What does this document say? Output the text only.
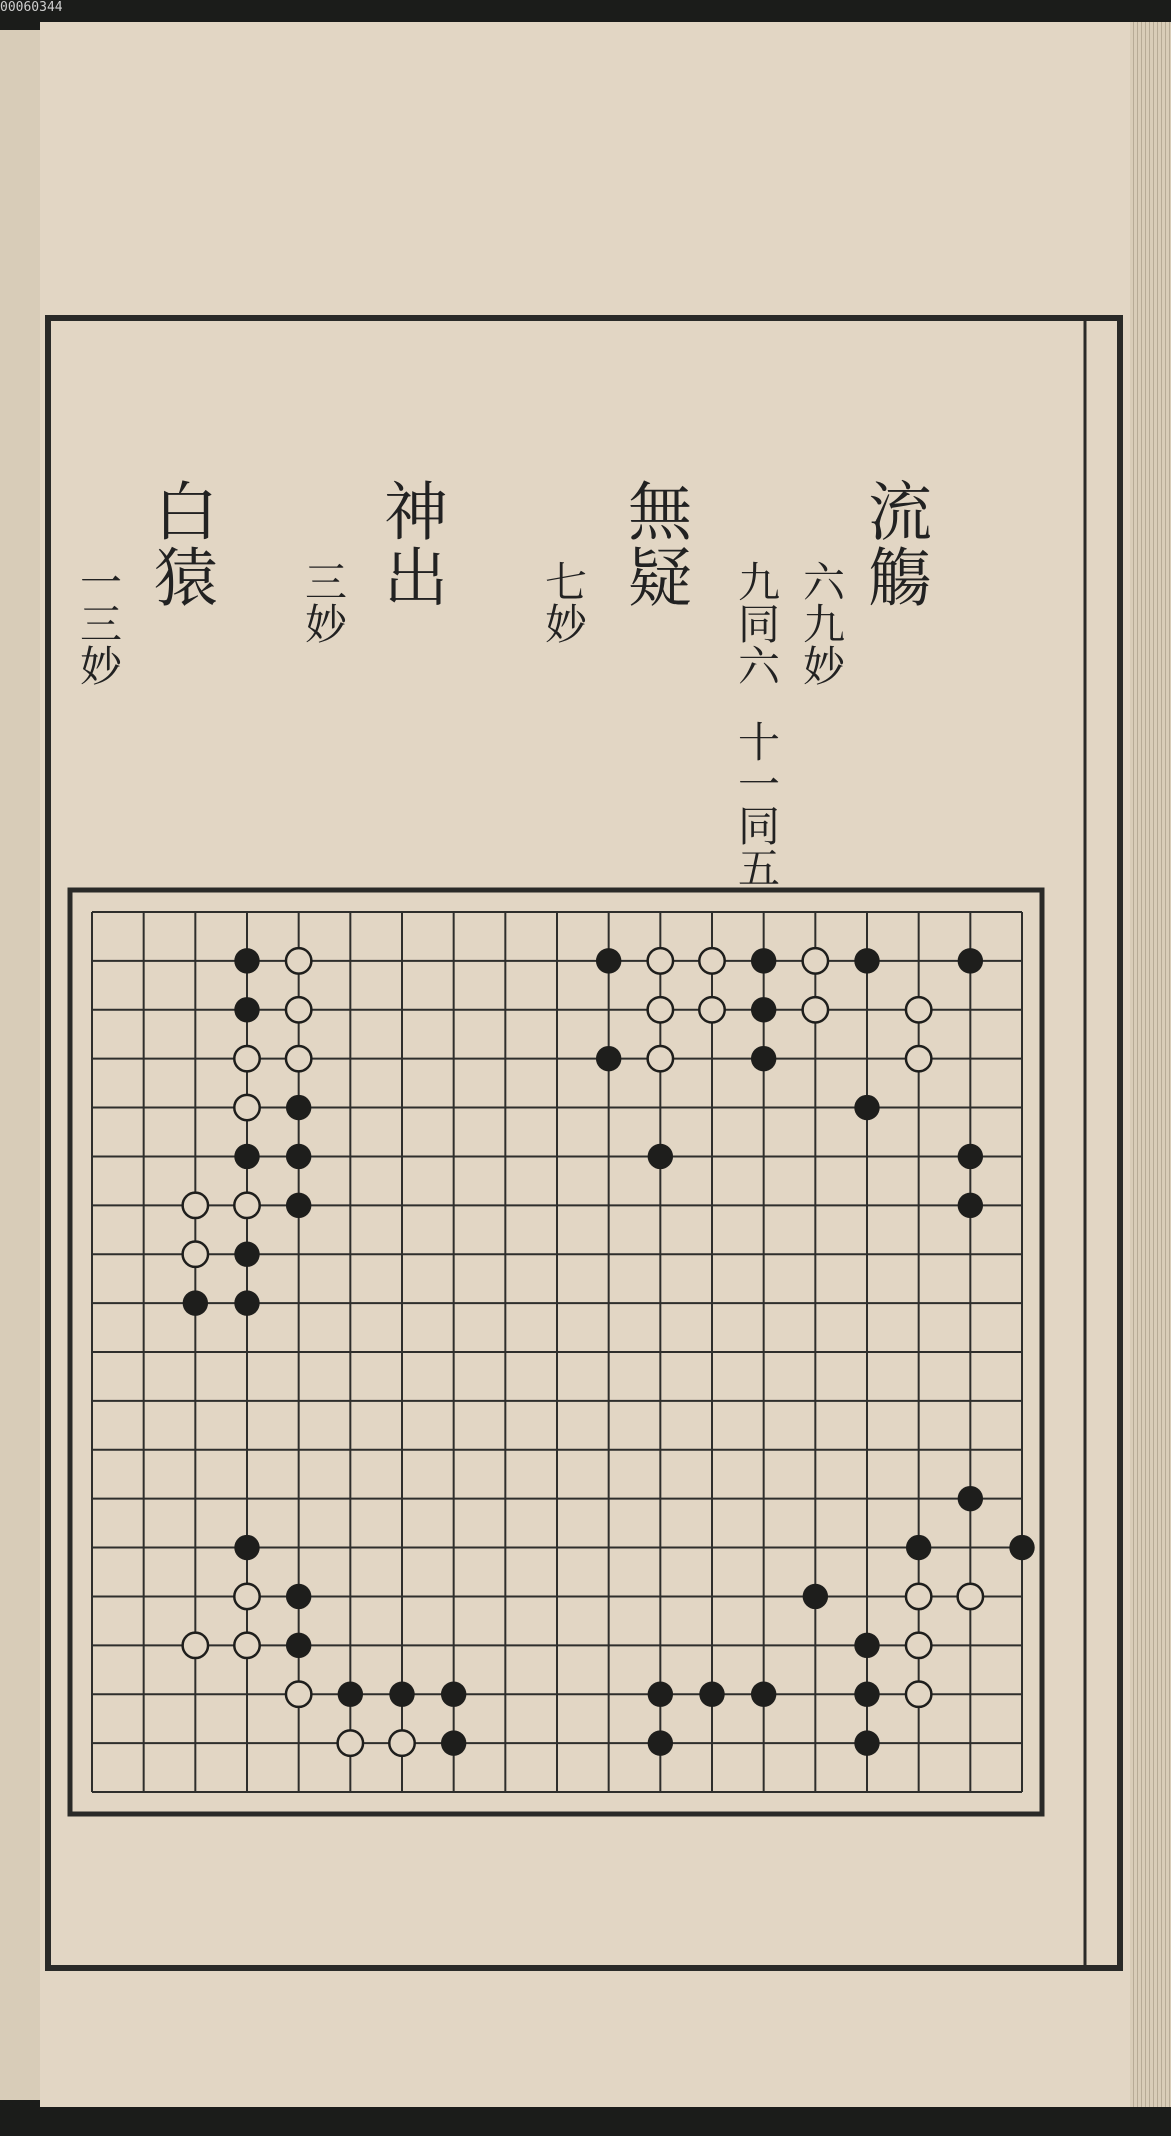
00060344
流觴
六九妙
九同六
十一同五
無疑
七妙
神出
三妙
白猿
一三妙
